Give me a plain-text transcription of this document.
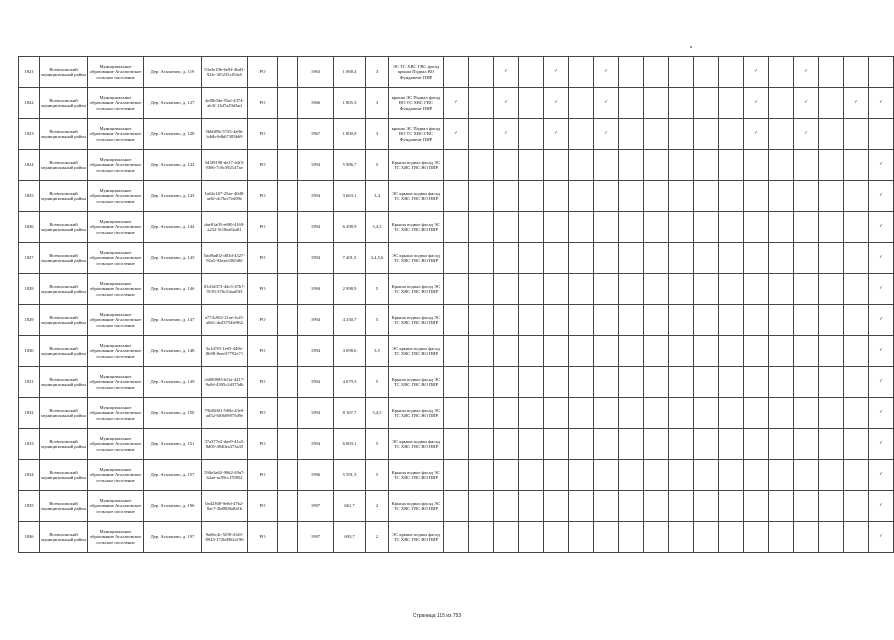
1821	Всеволожский муниципальный район	Муниципальное образование Агалатовское сельское поселение	Дер. Агалатово, д. 119	53a3e19b-6e94-4bd3-92fc-3f5235cf54e5	РО		1963	1 068,4	3	ЭС ТС ХВС ГВС фасад крыша Подвал ВО Фундамент ПИР			✓		✓		✓						✓		✓			
1822	Всеволожский муниципальный район	Муниципальное образование Агалатовское сельское поселение	Дер. Агалатово, д. 127	4ef0b5da-55af-4374-ab3f-13d7a29d3ad	РО		1966	1 805,3	3	крыша ЭС Подвал фасад ВО ТС ХВС ГВС Фундамент ПИР	✓		✓		✓		✓						✓		✓		✓	✓
1823	Всеволожский муниципальный район	Муниципальное образование Агалатовское сельское поселение	Дер. Агалатово, д. 128	5bb0f8b-5735-4a9b-b4db-6db67383b69	РО		1967	1 800,9	3	крыша ЭС Подвал фасад ВО ТС ХВС ГВС Фундамент ПИР	✓		✓		✓		✓						✓		✓			
1824	Всеволожский муниципальный район	Муниципальное образование Агалатовское сельское поселение	Дер. Агалатово, д. 142	5d3f9198-de17-44f3-8f86-7c8c592147ae	РО		1994	5 986,7	5	Крыша подвал фасад ЭС ТС ХВС ГВС ВО ПИР																		✓
1825	Всеволожский муниципальный район	Муниципальное образование Агалатовское сельское поселение	Дер. Агалатово, д. 143	1a62e167-25ae-40d8-ae6f-dc7bcf7ed09e	РО		1994	3 663,1	3,4	ЭС крыша подвал фасад ТС ХВС ГВС ВО ПИР																		✓
1826	Всеволожский муниципальный район	Муниципальное образование Агалатовское сельское поселение	Дер. Агалатово, д. 144	dae81a05-e690-4169-a252-5f18ea62a81	РО		1994	6 298,9	3,4,5	Крыша подвал фасад ЭС ТС ХВС ГВС ВО ПИР																		✓
1827	Всеволожский муниципальный район	Муниципальное образование Агалатовское сельское поселение	Дер. Агалатово, д. 145	0ad9ad02-d03d-4327-92a5-92eaa3365d6f	РО		1994	7 401,5	3,4,5,6	ЭС крыша подвал фасад ТС ХВС ГВС ВО ПИР																		✓
1828	Всеволожский муниципальный район	Муниципальное образование Агалатовское сельское поселение	Дер. Агалатово, д. 146	81d1d373-4dc5-47b7-9139-376c54aaf0f3	РО		1994	2 998,9	5	Крыша подвал фасад ЭС ТС ХВС ГВС ВО ПИР																		✓
1829	Всеволожский муниципальный район	Муниципальное образование Агалатовское сельское поселение	Дер. Агалатово, д. 147	a774c902-21ae-4cf5-a6b1-de43754fe962	РО		1994	4 330,7	5	Крыша подвал фасад ЭС ТС ХВС ГВС ВО ПИР																		✓
1830	Всеволожский муниципальный район	Муниципальное образование Агалатовское сельское поселение	Дер. Агалатово, д. 148	3a1d7f0-1e65-449e-8b98-8eee57792e71	РО		1994	3 098,6	3,5	ЭС крыша подвал фасад ТС ХВС ГВС ВО ПИР																		✓
1831	Всеволожский муниципальный район	Муниципальное образование Агалатовское сельское поселение	Дер. Агалатово, д. 149	cb089983-bf1a-4417-9a0d-4395c2d375db	РО		1994	4 679,3	5	Крыша подвал фасад ЭС ТС ХВС ГВС ВО ПИР																		✓
1832	Всеволожский муниципальный район	Муниципальное образование Агалатовское сельское поселение	Дер. Агалатово, д. 150	79fd5f6f1-9f6b-43e0-ad52-6f0b09875d9e	РО		1994	8 167,7	3,4,5	Крыша подвал фасад ЭС ТС ХВС ГВС ВО ПИР																		✓
1833	Всеволожский муниципальный район	Муниципальное образование Агалатовское сельское поселение	Дер. Агалатово, д. 151	37a377e2-dae9-41a5-8d05-4940ea373a35	РО		1994	6 003,1	5	ЭС крыша подвал фасад ТС ХВС ГВС ВО ПИР																		✓
1834	Всеволожский муниципальный район	Муниципальное образование Агалатовское сельское поселение	Дер. Агалатово, д. 157	594e3a62-98d2-49a7-b2ae-ac99ccf70852	РО		1996	5 591,3	5	Крыша подвал фасад ЭС ТС ХВС ГВС ВО ПИР																		✓
1835	Всеволожский муниципальный район	Муниципальное образование Агалатовское сельское поселение	Дер. Агалатово, д. 196	0ad2368-9e0d-47b2-8ac7-2b0800a0d1b	РО		1997	661,7	2	Крыша подвал фасад ЭС ТС ХВС ГВС ВО ПИР																		✓
1836	Всеволожский муниципальный район	Муниципальное образование Агалатовское сельское поселение	Дер. Агалатово, д. 197	9a66c4c-5f58-41d3-8923-172bd962e196	РО		1997	693,7	2	ЭС крыша подвал фасад ТС ХВС ГВС ВО ПИР																		✓
Страница 115 из 753
